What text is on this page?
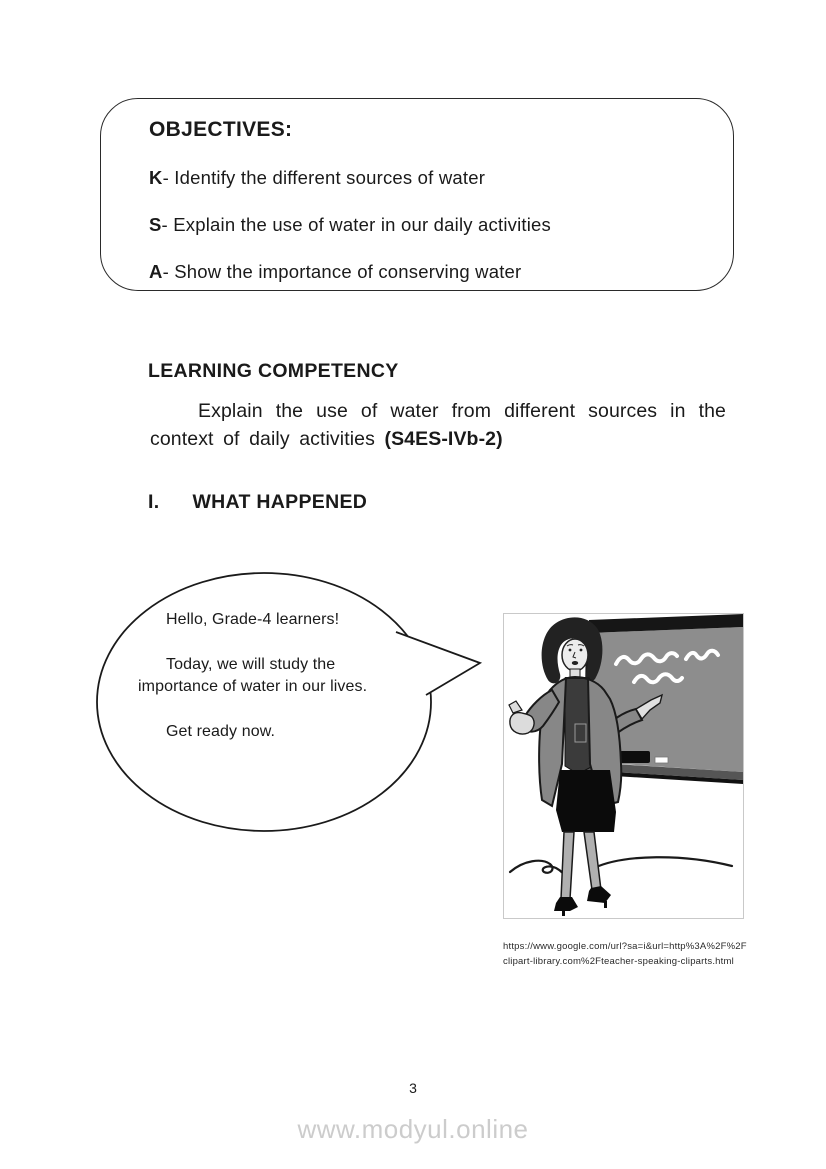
OBJECTIVES:

K- Identify the different sources of water

S- Explain the use of water in our daily activities

A- Show the importance of conserving water

LEARNING COMPETENCY

Explain the use of water from different sources in the context of daily activities (S4ES-IVb-2)

I. WHAT HAPPENED

Hello, Grade-4 learners!

Today, we will study the importance of water in our lives.

Get ready now.

https://www.google.com/url?sa=i&url=http%3A%2F%2F
clipart-library.com%2Fteacher-speaking-cliparts.html
3
www.modyul.online
